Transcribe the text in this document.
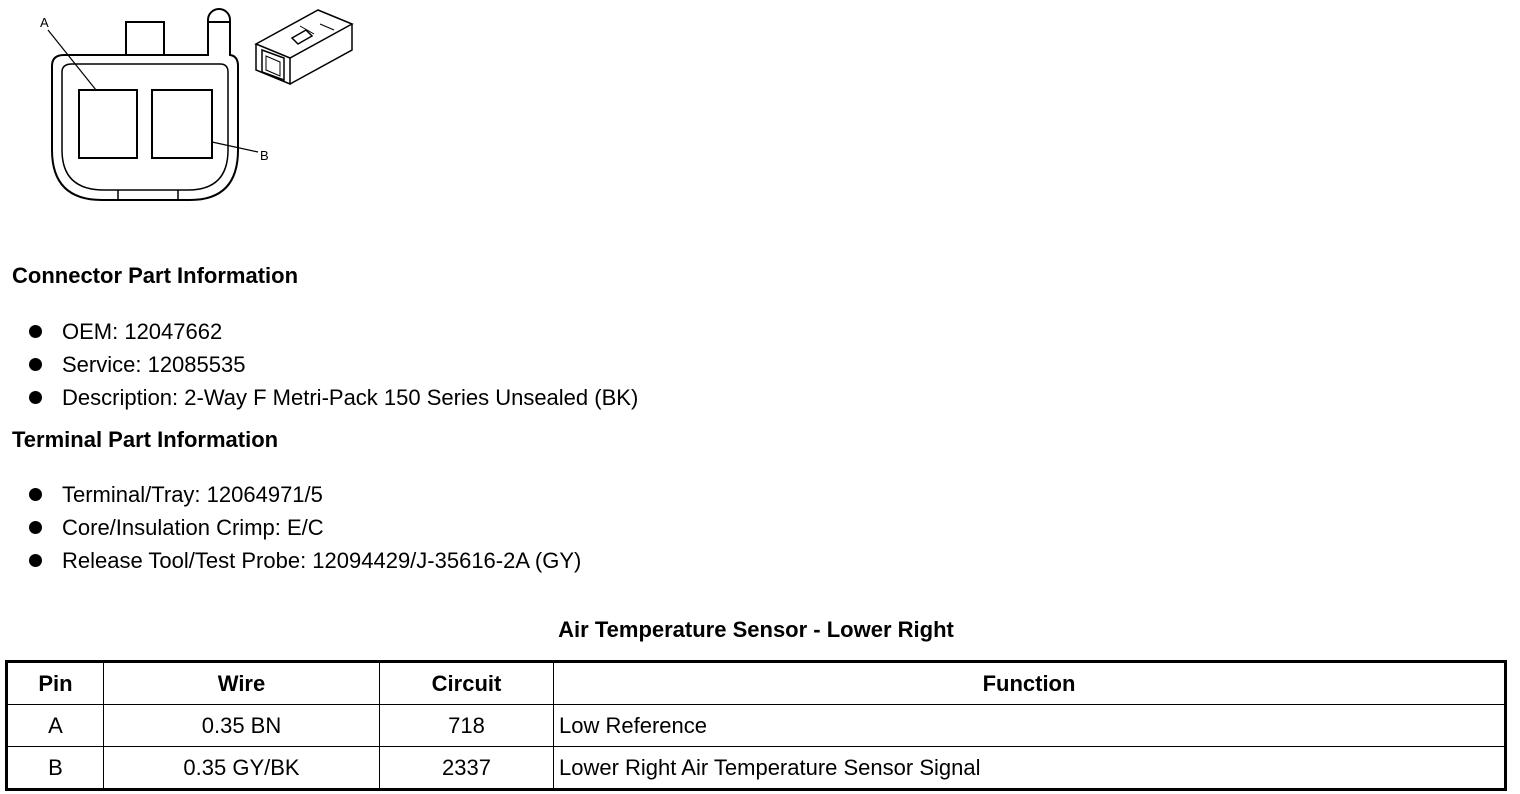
A
B
Connector Part Information
OEM: 12047662
Service: 12085535
Description: 2-Way F Metri-Pack 150 Series Unsealed (BK)
Terminal Part Information
Terminal/Tray: 12064971/5
Core/Insulation Crimp: E/C
Release Tool/Test Probe: 12094429/J-35616-2A (GY)
Air Temperature Sensor - Lower Right
Pin	Wire	Circuit	Function
A	0.35 BN	718	Low Reference
B	0.35 GY/BK	2337	Lower Right Air Temperature Sensor Signal
